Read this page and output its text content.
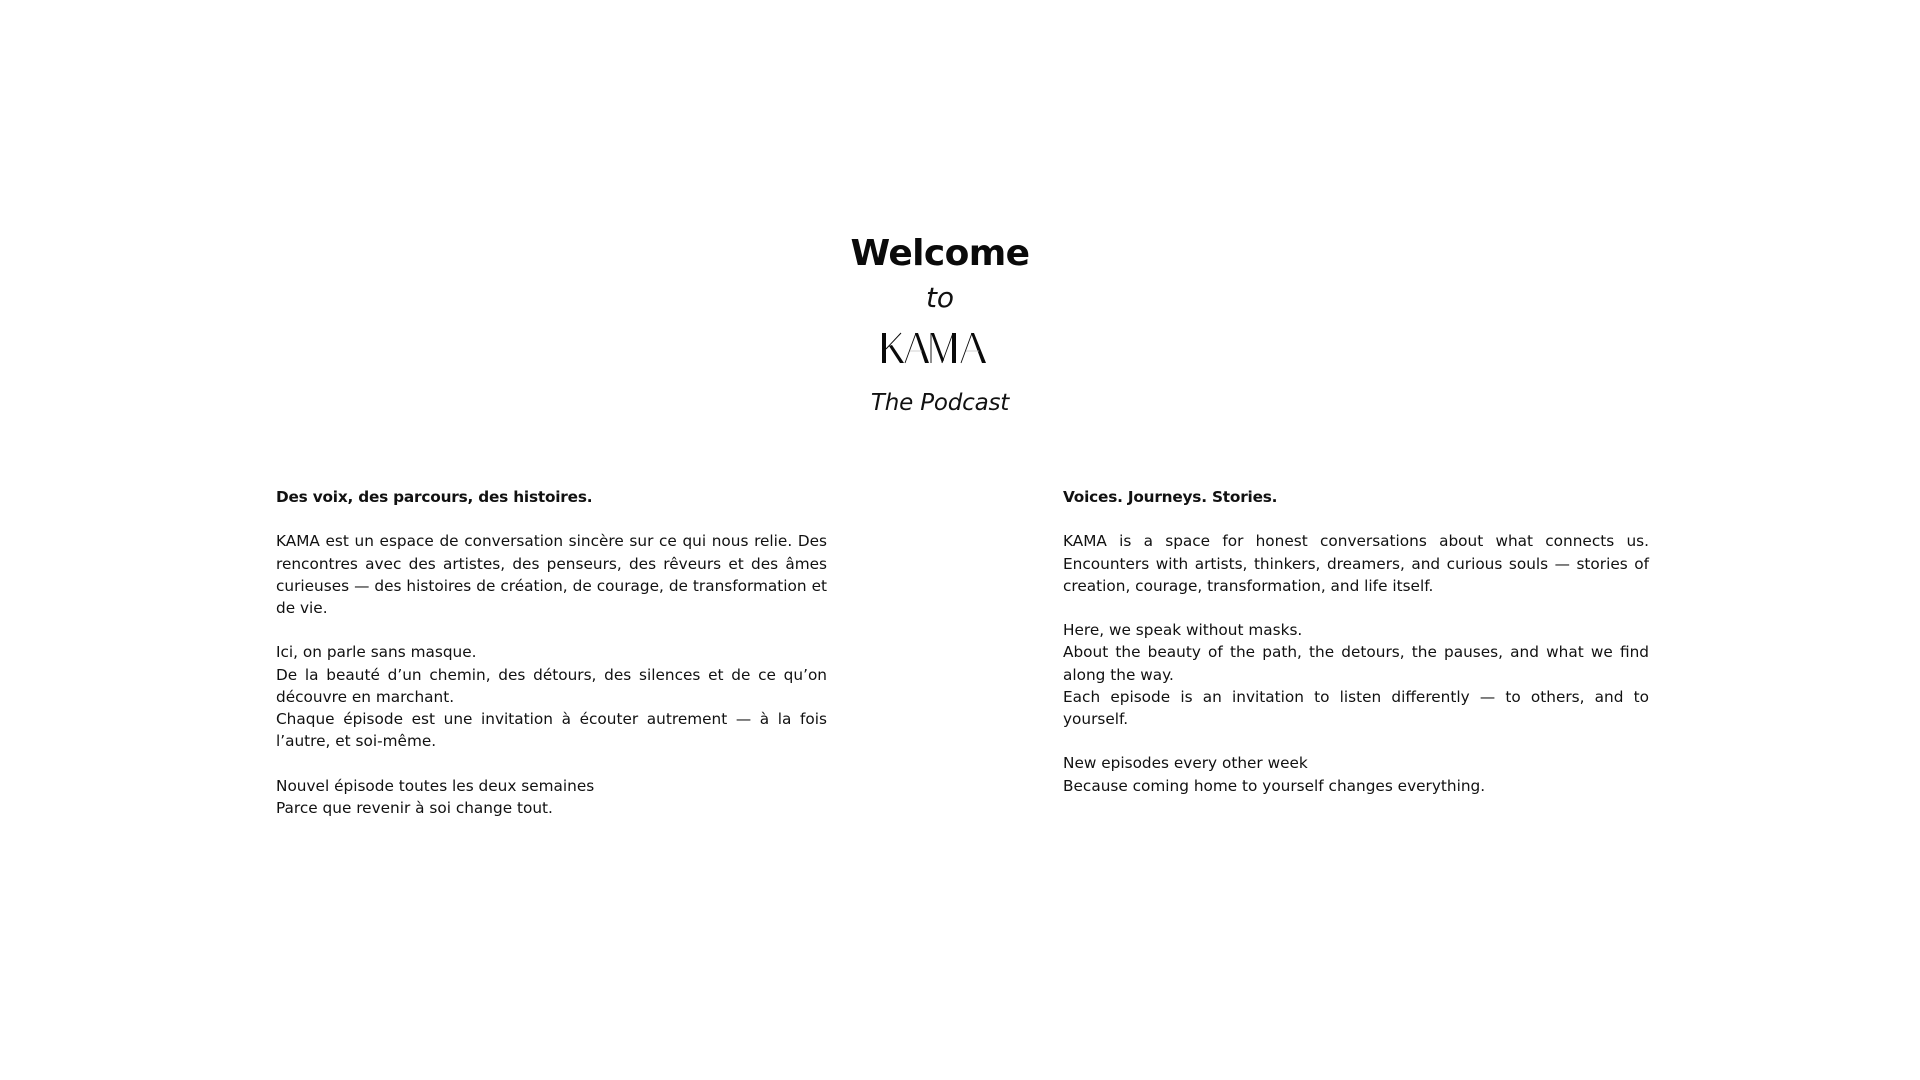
Welcome
to
The Podcast
Des voix, des parcours, des histoires.

KAMA est un espace de conversation sincère sur ce qui nous relie. Des rencontres avec des artistes, des penseurs, des rêveurs et des âmes curieuses — des histoires de création, de courage, de transformation et de vie.

Ici, on parle sans masque.
De la beauté d’un chemin, des détours, des silences et de ce qu’on découvre en marchant.
Chaque épisode est une invitation à écouter autrement — à la fois l’autre, et soi-même.

Nouvel épisode toutes les deux semaines
Parce que revenir à soi change tout.

Voices. Journeys. Stories.

KAMA is a space for honest conversations about what connects us. Encounters with artists, thinkers, dreamers, and curious souls — stories of creation, courage, transformation, and life itself.

Here, we speak without masks.
About the beauty of the path, the detours, the pauses, and what we find along the way.
Each episode is an invitation to listen differently — to others, and to yourself.

New episodes every other week
Because coming home to yourself changes everything.
